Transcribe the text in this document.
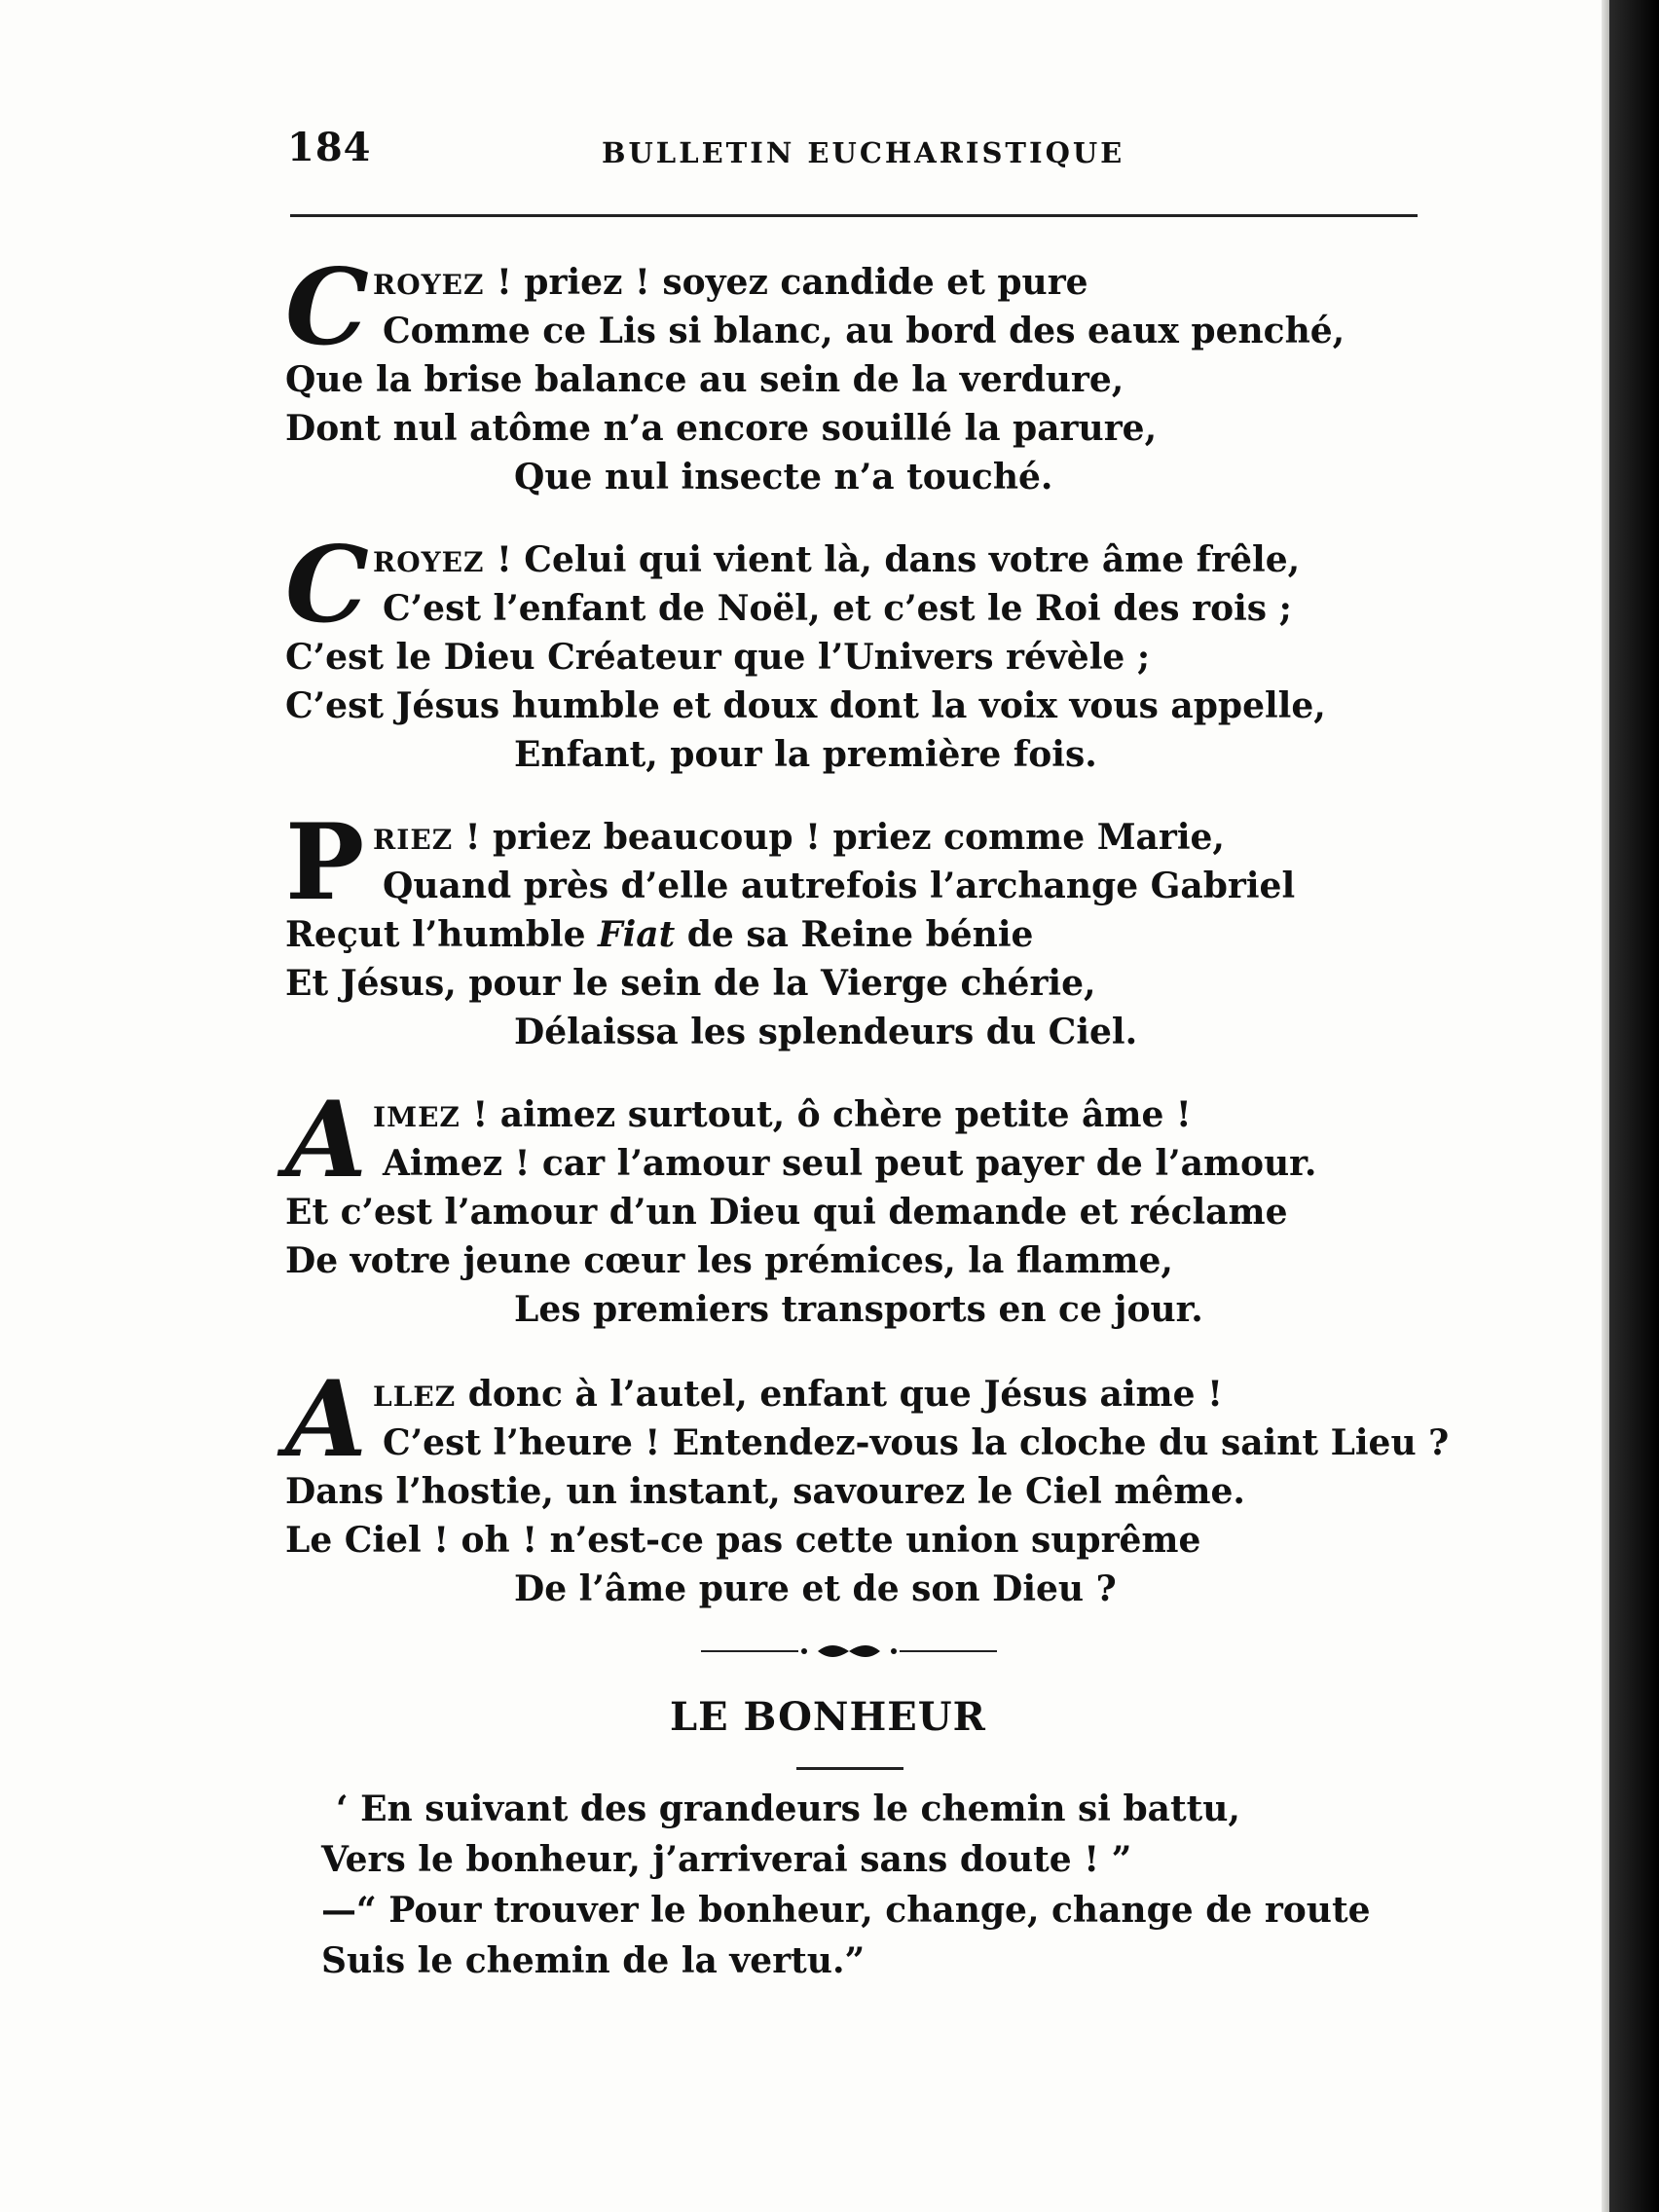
184	BULLETIN EUCHARISTIQUE

C ROYEZ ! priez ! soyez candide et pure

Comme ce Lis si blanc, au bord des eaux penché,

Que la brise balance au sein de la verdure,

Dont nul atôme n’a encore souillé la parure,

Que nul insecte n’a touché.

C ROYEZ ! Celui qui vient là, dans votre âme frêle,

C’est l’enfant de Noël, et c’est le Roi des rois ;

C’est le Dieu Créateur que l’Univers révèle ;

C’est Jésus humble et doux dont la voix vous appelle,

Enfant, pour la première fois.

P RIEZ ! priez beaucoup ! priez comme Marie,

Quand près d’elle autrefois l’archange Gabriel

Reçut l’humble Fiat de sa Reine bénie

Et Jésus, pour le sein de la Vierge chérie,

Délaissa les splendeurs du Ciel.

A IMEZ ! aimez surtout, ô chère petite âme !

Aimez ! car l’amour seul peut payer de l’amour.

Et c’est l’amour d’un Dieu qui demande et réclame

De votre jeune cœur les prémices, la flamme,

Les premiers transports en ce jour.

A LLEZ donc à l’autel, enfant que Jésus aime !

C’est l’heure ! Entendez-vous la cloche du saint Lieu ?

Dans l’hostie, un instant, savourez le Ciel même.

Le Ciel ! oh ! n’est-ce pas cette union suprême

De l’âme pure et de son Dieu ?

LE BONHEUR

‘ En suivant des grandeurs le chemin si battu,

Vers le bonheur, j’arriverai sans doute ! ”

—“ Pour trouver le bonheur, change, change de route

Suis le chemin de la vertu.”
